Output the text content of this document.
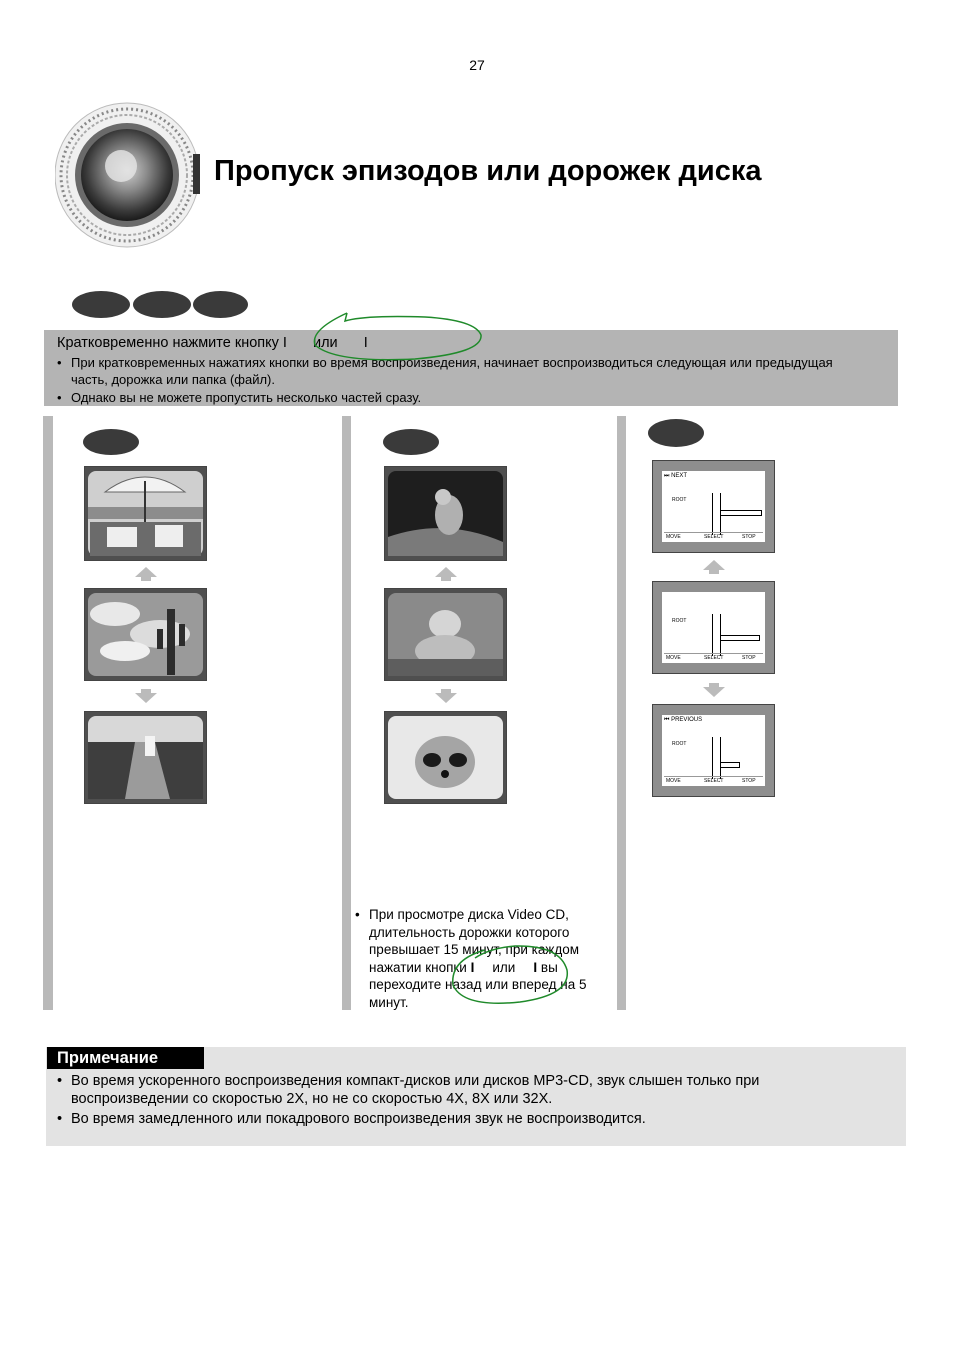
27
Пропуск эпизодов или дорожек диска
Кратковременно нажмите кнопку I или I
• При кратковременных нажатиях кнопки во время воспроизведения, начинает воспроизводиться следующая или предыдущая часть, дорожка или папка (файл).
• Однако вы не можете пропустить несколько частей сразу.
⏭ NEXT
ROOT
MOVE	SELECT	STOP
ROOT
MOVE	SELECT	STOP
⏮ PREVIOUS
ROOT
MOVE	SELECT	STOP
• При просмотре диска Video CD, длительность дорожки которого превышает 15 минут, при каждом нажатии кнопки I или I вы переходите назад или вперед на 5 минут.
Примечание
• Во время ускоренного воспроизведения компакт-дисков или дисков MP3-CD, звук слышен только при воспроизведении со скоростью 2X, но не со скоростью 4X, 8X или 32X.
• Во время замедленного или покадрового воспроизведения звук не воспроизводится.
